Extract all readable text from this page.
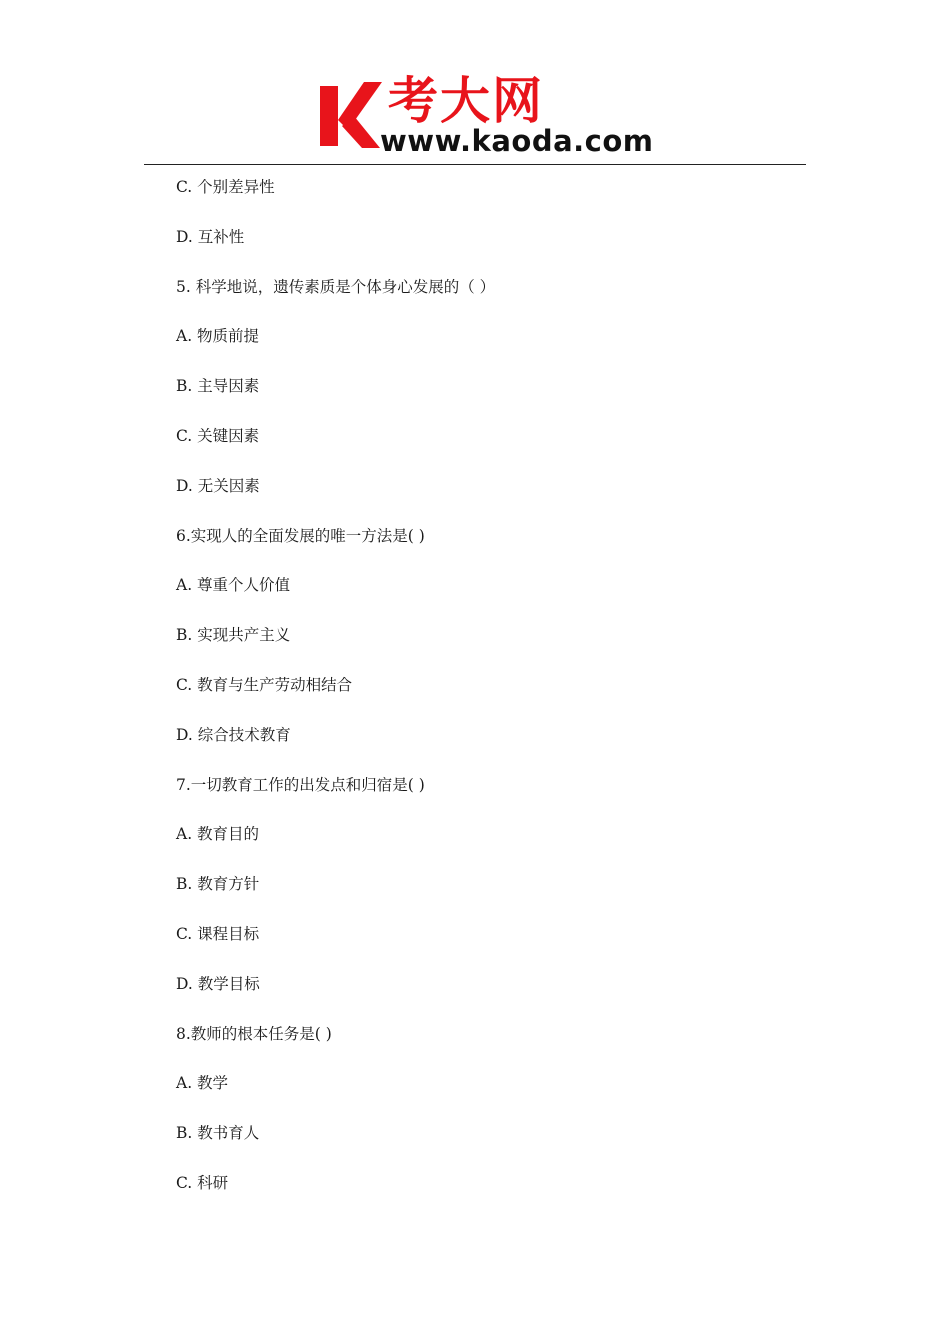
考大网
www.kaoda.com
C. 个别差异性
D. 互补性
5. 科学地说，遗传素质是个体身心发展的（ ）
A. 物质前提
B. 主导因素
C. 关键因素
D. 无关因素
6.实现人的全面发展的唯一方法是( )
A. 尊重个人价值
B. 实现共产主义
C. 教育与生产劳动相结合
D. 综合技术教育
7.一切教育工作的出发点和归宿是( )
A. 教育目的
B. 教育方针
C. 课程目标
D. 教学目标
8.教师的根本任务是( )
A. 教学
B. 教书育人
C. 科研
